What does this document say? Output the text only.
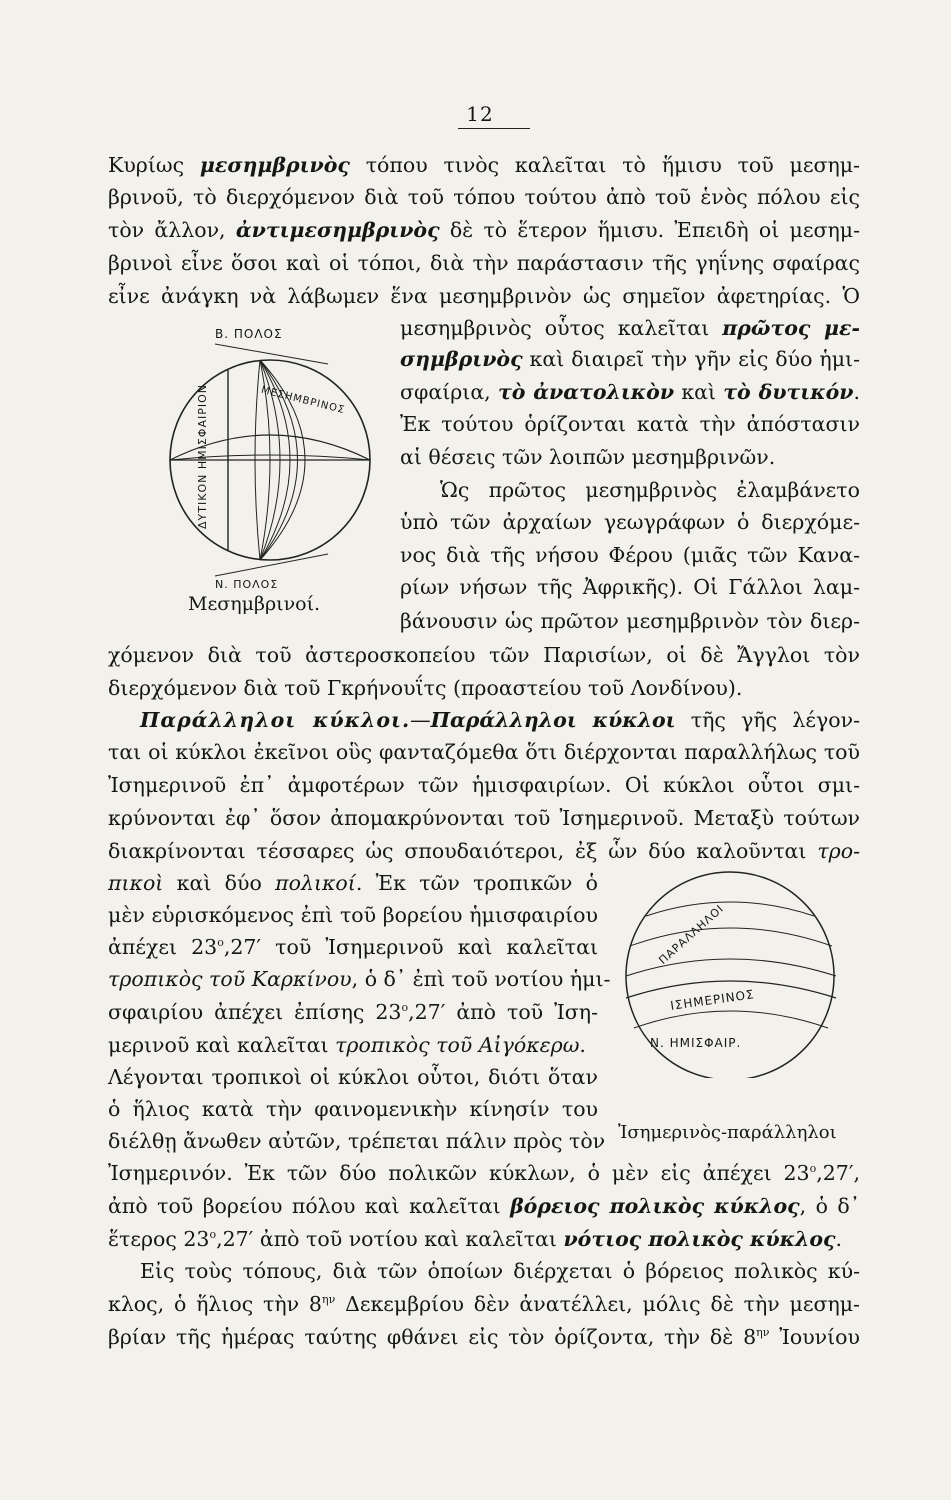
12
Κυρίως μεσημβρινὸς τόπου τινὸς καλεῖται τὸ ἥμισυ τοῦ μεσημ-
βρινοῦ, τὸ διερχόμενον διὰ τοῦ τόπου τούτου ἀπὸ τοῦ ἑνὸς πόλου εἰς
τὸν ἄλλον, ἀντιμεσημβρινὸς δὲ τὸ ἕτερον ἥμισυ. Ἐπειδὴ οἱ μεσημ-
βρινοὶ εἶνε ὅσοι καὶ οἱ τόποι, διὰ τὴν παράστασιν τῆς γηΐνης σφαίρας
εἶνε ἀνάγκη νὰ λάβωμεν ἕνα μεσημβρινὸν ὡς σημεῖον ἀφετηρίας. Ὁ
μεσημβρινὸς οὗτος καλεῖται πρῶτος με-
σημβρινὸς καὶ διαιρεῖ τὴν γῆν εἰς δύο ἡμι-
σφαίρια, τὸ ἀνατολικὸν καὶ τὸ δυτικόν.
Ἐκ τούτου ὁρίζονται κατὰ τὴν ἀπόστασιν
αἱ θέσεις τῶν λοιπῶν μεσημβρινῶν.
Ὡς πρῶτος μεσημβρινὸς ἐλαμβάνετο
ὑπὸ τῶν ἀρχαίων γεωγράφων ὁ διερχόμε-
νος διὰ τῆς νήσου Φέρου (μιᾶς τῶν Κανα-
ρίων νήσων τῆς Ἀφρικῆς). Οἱ Γάλλοι λαμ-
βάνουσιν ὡς πρῶτον μεσημβρινὸν τὸν διερ-
χόμενον διὰ τοῦ ἀστεροσκοπείου τῶν Παρισίων, οἱ δὲ Ἄγγλοι τὸν
διερχόμενον διὰ τοῦ Γκρήνουΐτς (προαστείου τοῦ Λονδίνου).
Παράλληλοι κύκλοι.—Παράλληλοι κύκλοι τῆς γῆς λέγον-
ται οἱ κύκλοι ἐκεῖνοι οὓς φανταζόμεθα ὅτι διέρχονται παραλλήλως τοῦ
Ἰσημερινοῦ ἐπ᾿ ἀμφοτέρων τῶν ἡμισφαιρίων. Οἱ κύκλοι οὗτοι σμι-
κρύνονται ἐφ᾿ ὅσον ἀπομακρύνονται τοῦ Ἰσημερινοῦ. Μεταξὺ τούτων
διακρίνονται τέσσαρες ὡς σπουδαιότεροι, ἐξ ὧν δύο καλοῦνται τρο-
πικοὶ καὶ δύο πολικοί. Ἐκ τῶν τροπικῶν ὁ
μὲν εὑρισκόμενος ἐπὶ τοῦ βορείου ἡμισφαιρίου
ἀπέχει $23^o,27'$ τοῦ Ἰσημερινοῦ καὶ καλεῖται
τροπικὸς τοῦ Καρκίνου, ὁ δ᾿ ἐπὶ τοῦ νοτίου ἡμι-
σφαιρίου ἀπέχει ἐπίσης $23^o,27'$ ἀπὸ τοῦ Ἰση-
μερινοῦ καὶ καλεῖται τροπικὸς τοῦ Αἰγόκερω.
Λέγονται τροπικοὶ οἱ κύκλοι οὗτοι, διότι ὅταν
ὁ ἥλιος κατὰ τὴν φαινομενικὴν κίνησίν του
διέλθῃ ἄνωθεν αὐτῶν, τρέπεται πάλιν πρὸς τὸν
Ἰσημερινόν. Ἐκ τῶν δύο πολικῶν κύκλων, ὁ μὲν εἰς ἀπέχει $23^o,27'$,
ἀπὸ τοῦ βορείου πόλου καὶ καλεῖται βόρειος πολικὸς κύκλος, ὁ δ᾿
ἕτερος $23^o,27'$ ἀπὸ τοῦ νοτίου καὶ καλεῖται νότιος πολικὸς κύκλος.
Εἰς τοὺς τόπους, διὰ τῶν ὁποίων διέρχεται ὁ βόρειος πολικὸς κύ-
κλος, ὁ ἥλιος τὴν $8^{\eta\nu}$ Δεκεμβρίου δὲν ἀνατέλλει, μόλις δὲ τὴν μεσημ-
βρίαν τῆς ἡμέρας ταύτης φθάνει εἰς τὸν ὁρίζοντα, τὴν δὲ $8^{\eta\nu}$ Ἰουνίου
Β. ΠΟΛΟΣ
ΔΥΤΙΚΟΝ ΗΜΙΣΦΑΙΡΙΟΝ	ΜΕΣΗΜΒΡΙΝΟΣ
Ν. ΠΟΛΟΣ
Μεσημβρινοί.
ΠΑΡΑΛΛΗΛΟΙ
ΙΣΗΜΕΡΙΝΟΣ
Ν. ΗΜΙΣΦΑΙΡ.
Ἰσημερινὸς-παράλληλοι
